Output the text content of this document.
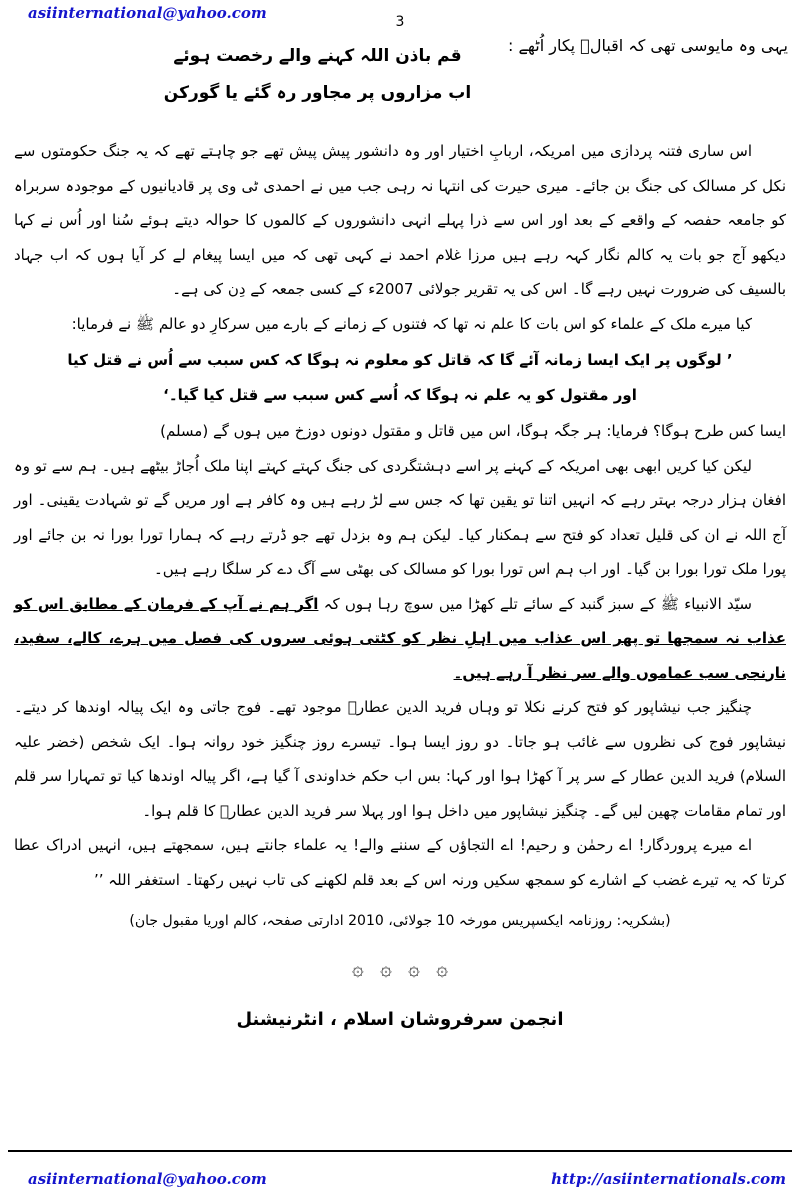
asiinternational@yahoo.com	3
یہی وہ مایوسی تھی کہ اقبالؔ پکار اُٹھے :
قم باذن اللہ کہنے والے رخصت ہوئے
اب مزاروں پر مجاور رہ گئے یا گورکن

اس ساری فتنہ پردازی میں امریکہ، اربابِ اختیار اور وہ دانشور پیش پیش تھے جو چاہتے تھے کہ یہ جنگ حکومتوں سے نکل کر مسالک کی جنگ بن جائے۔ میری حیرت کی انتہا نہ رہی جب میں نے احمدی ٹی وی پر قادیانیوں کے موجودہ سربراہ کو جامعہ حفصہ کے واقعے کے بعد اور اس سے ذرا پہلے انہی دانشوروں کے کالموں کا حوالہ دیتے ہوئے سُنا اور اُس نے کہا دیکھو آج جو بات یہ کالم نگار کہہ رہے ہیں مرزا غلام احمد نے کہی تھی کہ میں ایسا پیغام لے کر آیا ہوں کہ اب جہاد بالسیف کی ضرورت نہیں رہے گا۔ اس کی یہ تقریر جولائی 2007ء کے کسی جمعہ کے دِن کی ہے۔

کیا میرے ملک کے علماء کو اس بات کا علم نہ تھا کہ فتنوں کے زمانے کے بارے میں سرکارِ دو عالم ﷺ نے فرمایا:

’ لوگوں پر ایک ایسا زمانہ آئے گا کہ قاتل کو معلوم نہ ہوگا کہ کس سبب سے اُس نے قتل کیا
اور مقتول کو یہ علم نہ ہوگا کہ اُسے کس سبب سے قتل کیا گیا۔‘

ایسا کس طرح ہوگا؟ فرمایا: ہر جگہ ہوگا، اس میں قاتل و مقتول دونوں دوزخ میں ہوں گے (مسلم)

لیکن کیا کریں ابھی بھی امریکہ کے کہنے پر اسے دہشتگردی کی جنگ کہتے کہتے اپنا ملک اُجاڑ بیٹھے ہیں۔ ہم سے تو وہ افغان ہزار درجہ بہتر رہے کہ انہیں اتنا تو یقین تھا کہ جس سے لڑ رہے ہیں وہ کافر ہے اور مریں گے تو شہادت یقینی۔ اور آج اللہ نے ان کی قلیل تعداد کو فتح سے ہمکنار کیا۔ لیکن ہم وہ بزدل تھے جو ڈرتے رہے کہ ہمارا تورا بورا نہ بن جائے اور پورا ملک تورا بورا بن گیا۔ اور اب ہم اس تورا بورا کو مسالک کی بھٹی سے آگ دے کر سلگا رہے ہیں۔

سیّد الانبیاء ﷺ کے سبز گنبد کے سائے تلے کھڑا میں سوچ رہا ہوں کہ اگر ہم نے آپ کے فرمان کے مطابق اس کو عذاب نہ سمجھا تو پھر اس عذاب میں اہلِ نظر کو کٹتی ہوئی سروں کی فصل میں ہرے، کالے، سفید، نارنجی سب عماموں والے سر نظر آ رہے ہیں۔

چنگیز جب نیشاپور کو فتح کرنے نکلا تو وہاں فرید الدین عطارؒ موجود تھے۔ فوج جاتی وہ ایک پیالہ اوندھا کر دیتے۔ نیشاپور فوج کی نظروں سے غائب ہو جاتا۔ دو روز ایسا ہوا۔ تیسرے روز چنگیز خود روانہ ہوا۔ ایک شخص (خضر علیہ السلام) فرید الدین عطار کے سر پر آ کھڑا ہوا اور کہا: بس اب حکم خداوندی آ گیا ہے، اگر پیالہ اوندھا کیا تو تمہارا سر قلم اور تمام مقامات چھین لیں گے۔ چنگیز نیشاپور میں داخل ہوا اور پہلا سر فرید الدین عطارؒ کا قلم ہوا۔

اے میرے پروردگار! اے رحمٰن و رحیم! اے التجاؤں کے سننے والے! یہ علماء جانتے ہیں، سمجھتے ہیں، انہیں ادراک عطا کرتا کہ یہ تیرے غضب کے اشارے کو سمجھ سکیں ورنہ اس کے بعد قلم لکھنے کی تاب نہیں رکھتا۔ استغفر اللہ ’’

(بشکریہ: روزنامہ ایکسپریس مورخہ 10 جولائی، 2010 ادارتی صفحہ، کالم اوریا مقبول جان)
۞ ۞ ۞ ۞
انجمن سرفروشان اسلام ، انٹرنیشنل
asiinternational@yahoo.com	http://asiinternationals.com
